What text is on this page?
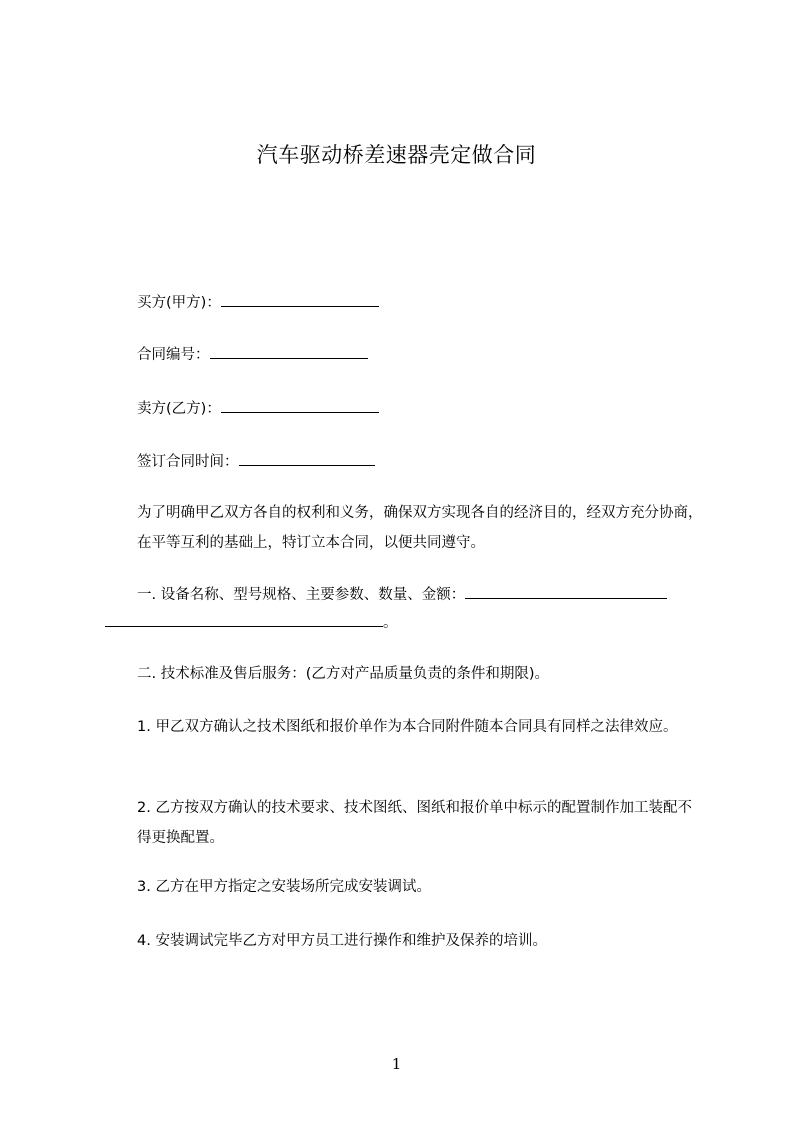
汽车驱动桥差速器壳定做合同
买方(甲方)：
合同编号：
卖方(乙方)：
签订合同时间：
为了明确甲乙双方各自的权利和义务，确保双方实现各自的经济目的，经双方充分协商，在平等互利的基础上，特订立本合同，以便共同遵守。
一. 设备名称、型号规格、主要参数、数量、金额：
。
二. 技术标准及售后服务：(乙方对产品质量负责的条件和期限)。
1. 甲乙双方确认之技术图纸和报价单作为本合同附件随本合同具有同样之法律效应。
2. 乙方按双方确认的技术要求、技术图纸、图纸和报价单中标示的配置制作加工装配不得更换配置。
3. 乙方在甲方指定之安装场所完成安装调试。
4. 安装调试完毕乙方对甲方员工进行操作和维护及保养的培训。
1
